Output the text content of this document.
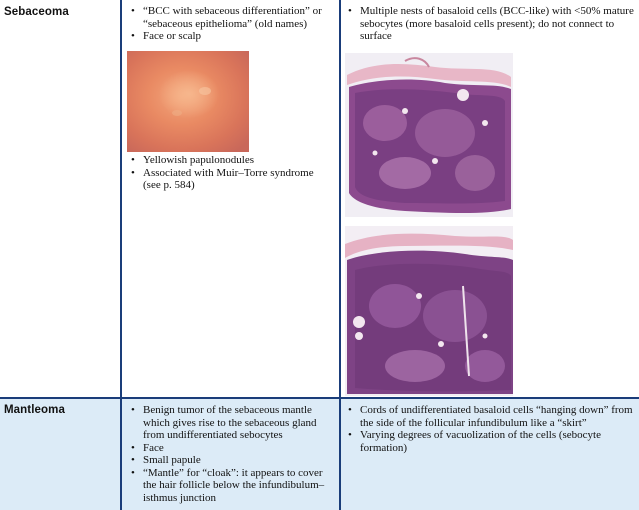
Sebaceoma	• “BCC with sebaceous differentiation” or “sebaceous epithelioma” (old names)
• Face or scalp
• Yellowish papulonodules
• Associated with Muir–Torre syndrome (see p. 584)
• Multiple nests of basaloid cells (BCC-like) with <50% mature sebocytes (more basaloid cells present); do not connect to surface
Mantleoma	• Benign tumor of the sebaceous mantle which gives rise to the sebaceous gland from undifferentiated sebocytes
• Face
• Small papule
• “Mantle” for “cloak”: it appears to cover the hair follicle below the infundibulum–isthmus junction
• Cords of undifferentiated basaloid cells “hanging down” from the side of the follicular infundibulum like a “skirt”
• Varying degrees of vacuolization of the cells (sebocyte formation)
